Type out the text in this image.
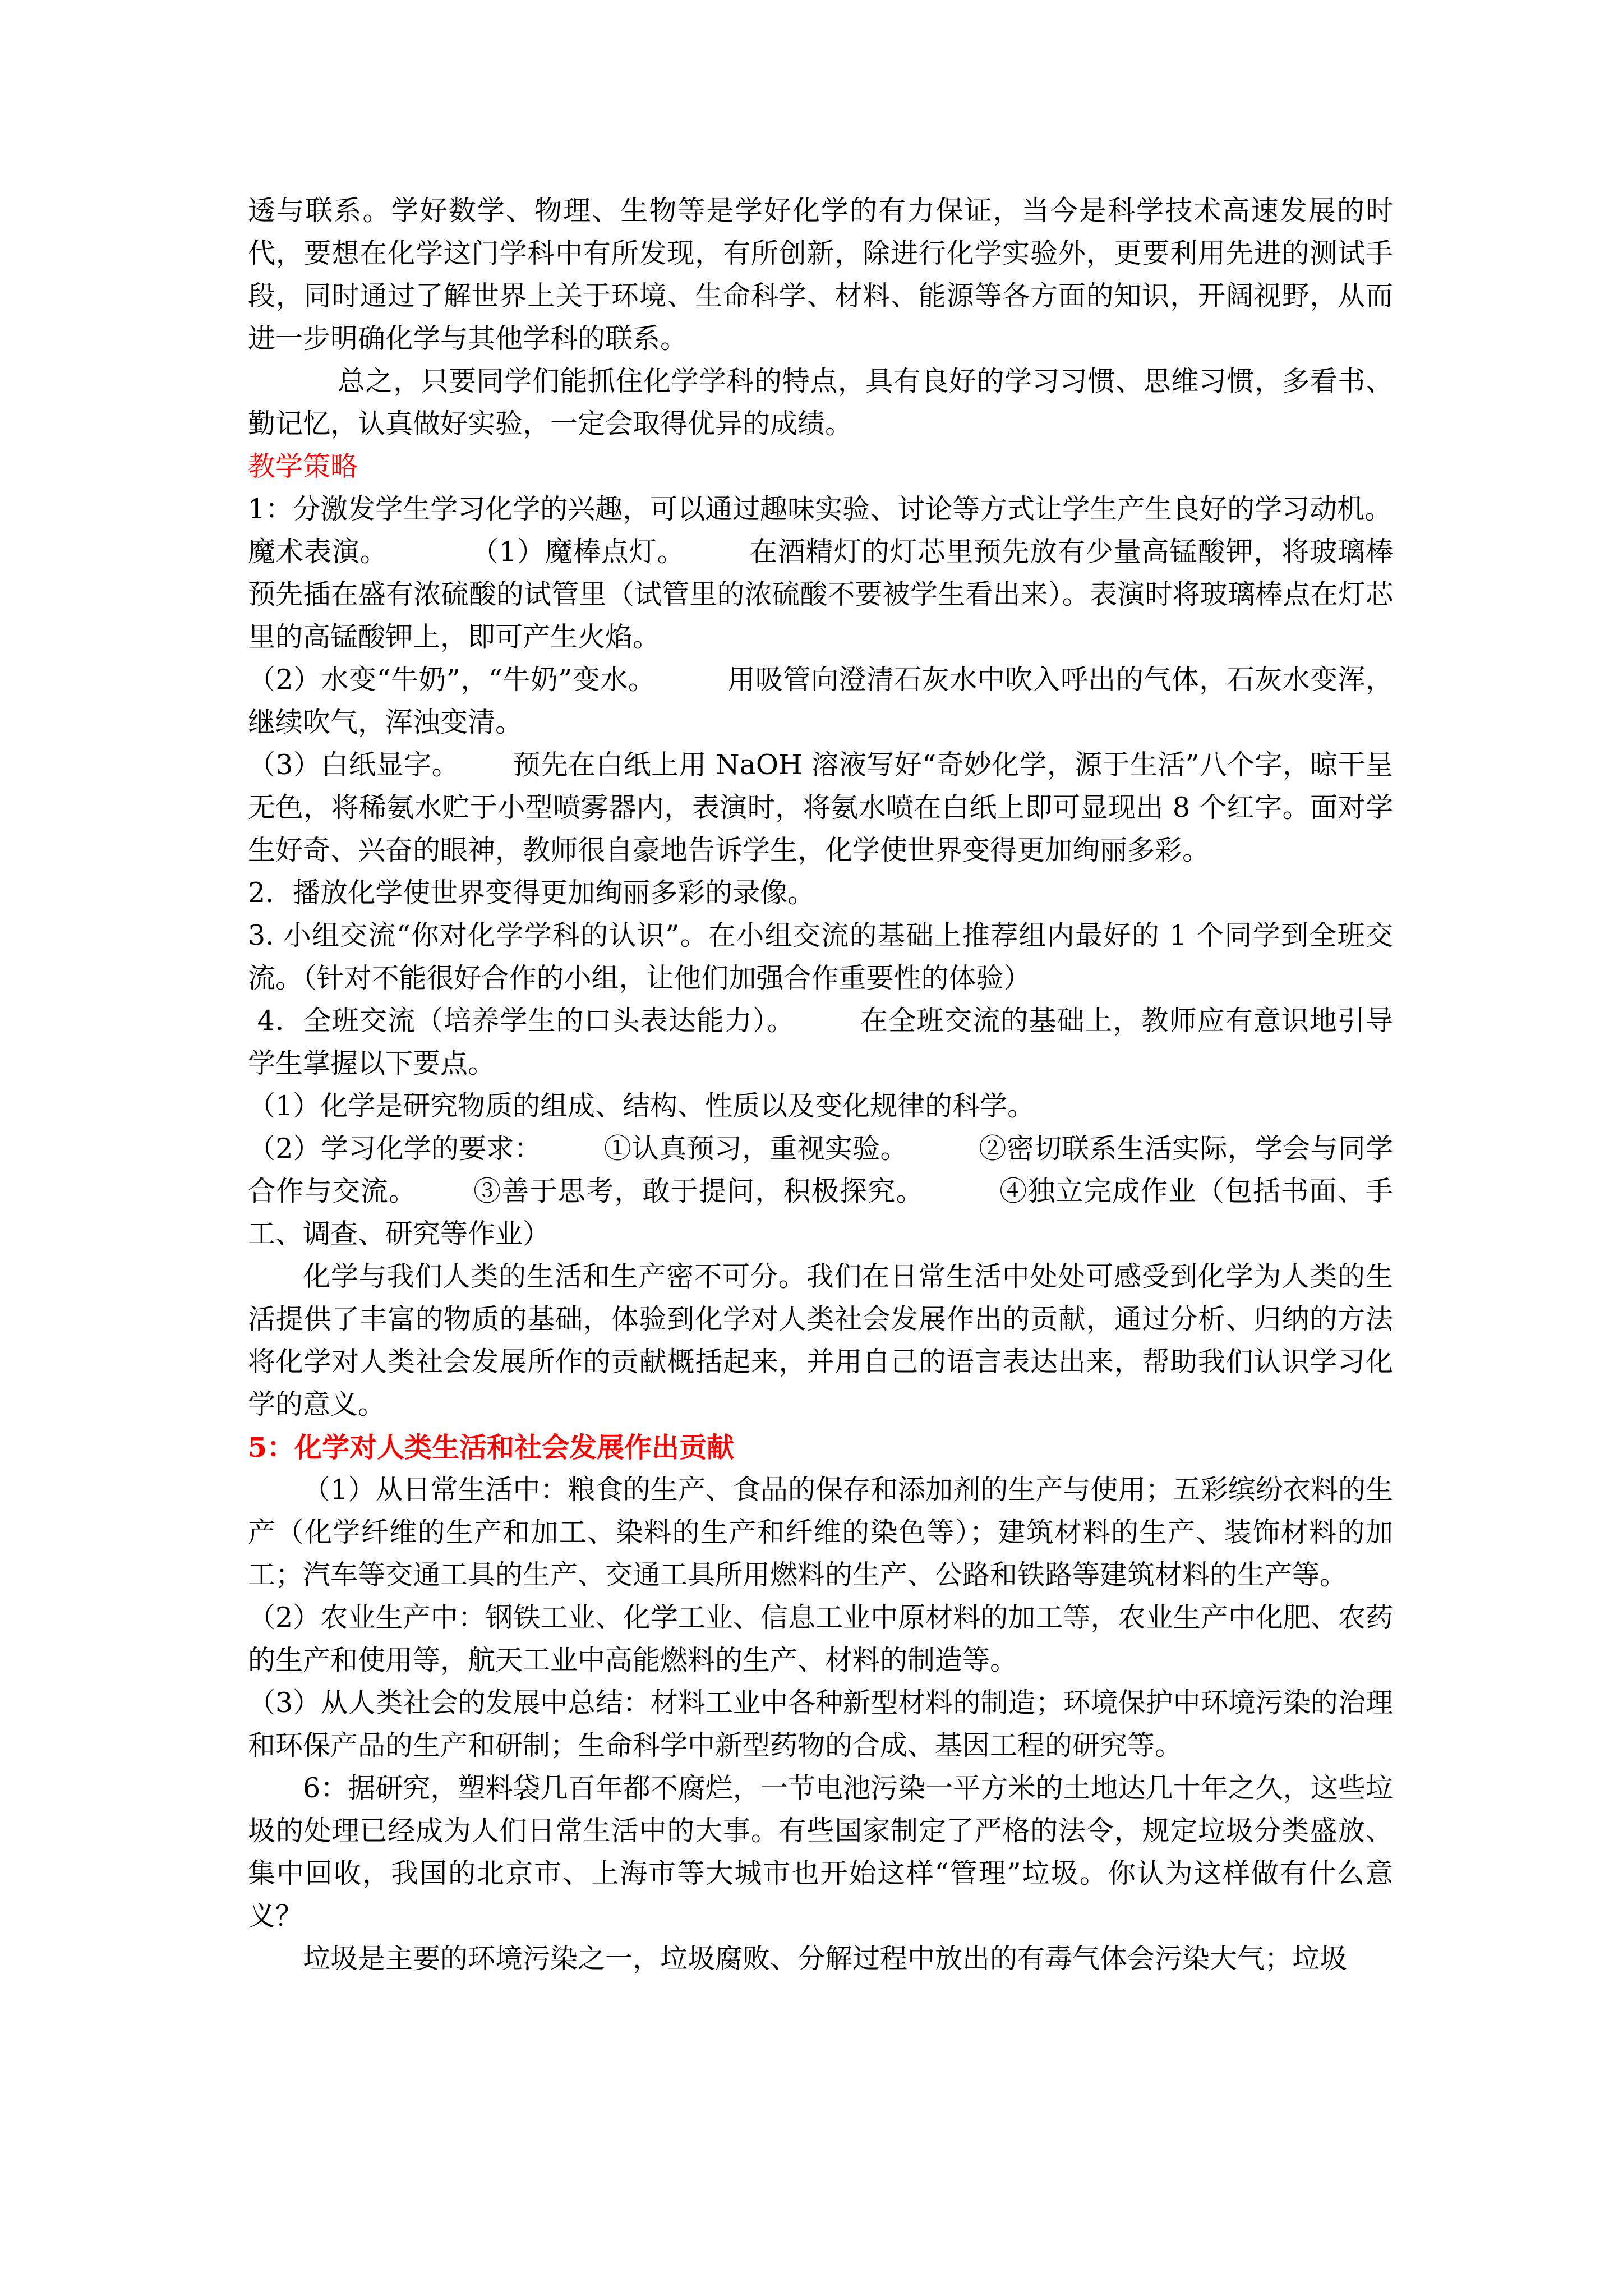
透与联系。学好数学、物理、生物等是学好化学的有力保证，当今是科学技术高速发展的时代，要想在化学这门学科中有所发现，有所创新，除进行化学实验外，更要利用先进的测试手段，同时通过了解世界上关于环境、生命科学、材料、能源等各方面的知识，开阔视野，从而进一步明确化学与其他学科的联系。

总之，只要同学们能抓住化学学科的特点，具有良好的学习习惯、思维习惯，多看书、勤记忆，认真做好实验，一定会取得优异的成绩。

教学策略

1：分激发学生学习化学的兴趣，可以通过趣味实验、讨论等方式让学生产生良好的学习动机。

魔术表演。         （1）魔棒点灯。       在酒精灯的灯芯里预先放有少量高锰酸钾，将玻璃棒预先插在盛有浓硫酸的试管里（试管里的浓硫酸不要被学生看出来）。表演时将玻璃棒点在灯芯里的高锰酸钾上，即可产生火焰。

（2）水变“牛奶”，“牛奶”变水。        用吸管向澄清石灰水中吹入呼出的气体，石灰水变浑，继续吹气，浑浊变清。

（3）白纸显字。      预先在白纸上用 NaOH 溶液写好“奇妙化学，源于生活”八个字，晾干呈无色，将稀氨水贮于小型喷雾器内，表演时，将氨水喷在白纸上即可显现出 8 个红字。面对学生好奇、兴奋的眼神，教师很自豪地告诉学生，化学使世界变得更加绚丽多彩。

2．播放化学使世界变得更加绚丽多彩的录像。

3. 小组交流“你对化学学科的认识”。在小组交流的基础上推荐组内最好的 1 个同学到全班交流。（针对不能很好合作的小组，让他们加强合作重要性的体验）

4．全班交流（培养学生的口头表达能力）。       在全班交流的基础上，教师应有意识地引导学生掌握以下要点。

（1）化学是研究物质的组成、结构、性质以及变化规律的科学。

（2）学习化学的要求：       ①认真预习，重视实验。        ②密切联系生活实际，学会与同学合作与交流。      ③善于思考，敢于提问，积极探究。        ④独立完成作业（包括书面、手工、调查、研究等作业）

化学与我们人类的生活和生产密不可分。我们在日常生活中处处可感受到化学为人类的生活提供了丰富的物质的基础，体验到化学对人类社会发展作出的贡献，通过分析、归纳的方法将化学对人类社会发展所作的贡献概括起来，并用自己的语言表达出来，帮助我们认识学习化学的意义。

5：化学对人类生活和社会发展作出贡献

（1）从日常生活中：粮食的生产、食品的保存和添加剂的生产与使用；五彩缤纷衣料的生产（化学纤维的生产和加工、染料的生产和纤维的染色等）；建筑材料的生产、装饰材料的加工；汽车等交通工具的生产、交通工具所用燃料的生产、公路和铁路等建筑材料的生产等。

（2）农业生产中：钢铁工业、化学工业、信息工业中原材料的加工等，农业生产中化肥、农药的生产和使用等，航天工业中高能燃料的生产、材料的制造等。

（3）从人类社会的发展中总结：材料工业中各种新型材料的制造；环境保护中环境污染的治理和环保产品的生产和研制；生命科学中新型药物的合成、基因工程的研究等。

6：据研究，塑料袋几百年都不腐烂，一节电池污染一平方米的土地达几十年之久，这些垃圾的处理已经成为人们日常生活中的大事。有些国家制定了严格的法令，规定垃圾分类盛放、集中回收，我国的北京市、上海市等大城市也开始这样“管理”垃圾。你认为这样做有什么意义？

垃圾是主要的环境污染之一，垃圾腐败、分解过程中放出的有毒气体会污染大气；垃圾
